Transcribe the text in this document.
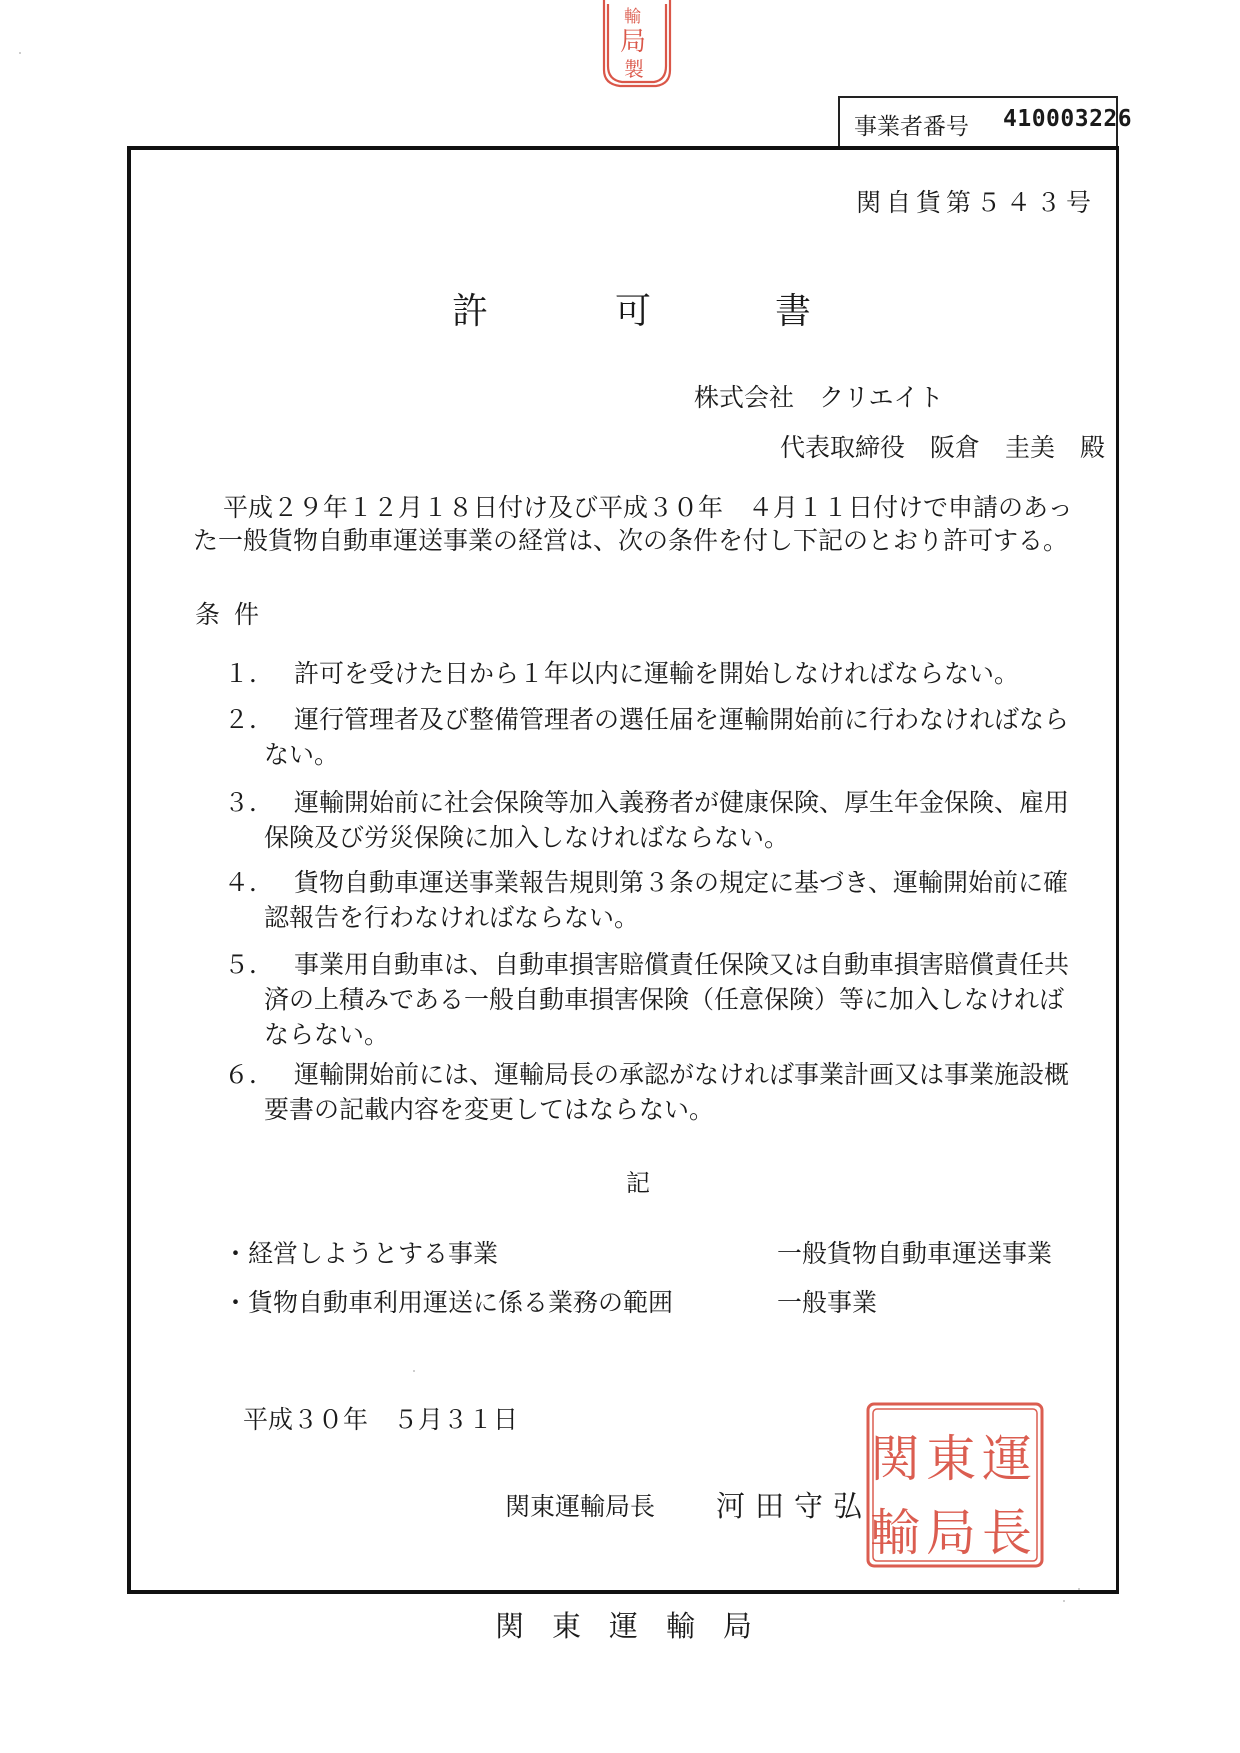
輸
局
製
事業者番号 410003226
関自貨第５４３号
許	可	書
株式会社　クリエイト
代表取締役　阪倉　圭美　殿
平成２９年１２月１８日付け及び平成３０年　４月１１日付けで申請のあっ
た一般貨物自動車運送事業の経営は、次の条件を付し下記のとおり許可する。
条件
１． 許可を受けた日から１年以内に運輸を開始しなければならない。
２． 運行管理者及び整備管理者の選任届を運輸開始前に行わなければなら
ない。
３． 運輸開始前に社会保険等加入義務者が健康保険、厚生年金保険、雇用
保険及び労災保険に加入しなければならない。
４． 貨物自動車運送事業報告規則第３条の規定に基づき、運輸開始前に確
認報告を行わなければならない。
５． 事業用自動車は、自動車損害賠償責任保険又は自動車損害賠償責任共
済の上積みである一般自動車損害保険（任意保険）等に加入しなければ
ならない。
６． 運輸開始前には、運輸局長の承認がなければ事業計画又は事業施設概
要書の記載内容を変更してはならない。
記
・経営しようとする事業	一般貨物自動車運送事業
・貨物自動車利用運送に係る業務の範囲	一般事業
平成３０年　５月３１日
関東運輸局長 河田守弘
関 東 運
輸 局 長
関東運輸局
